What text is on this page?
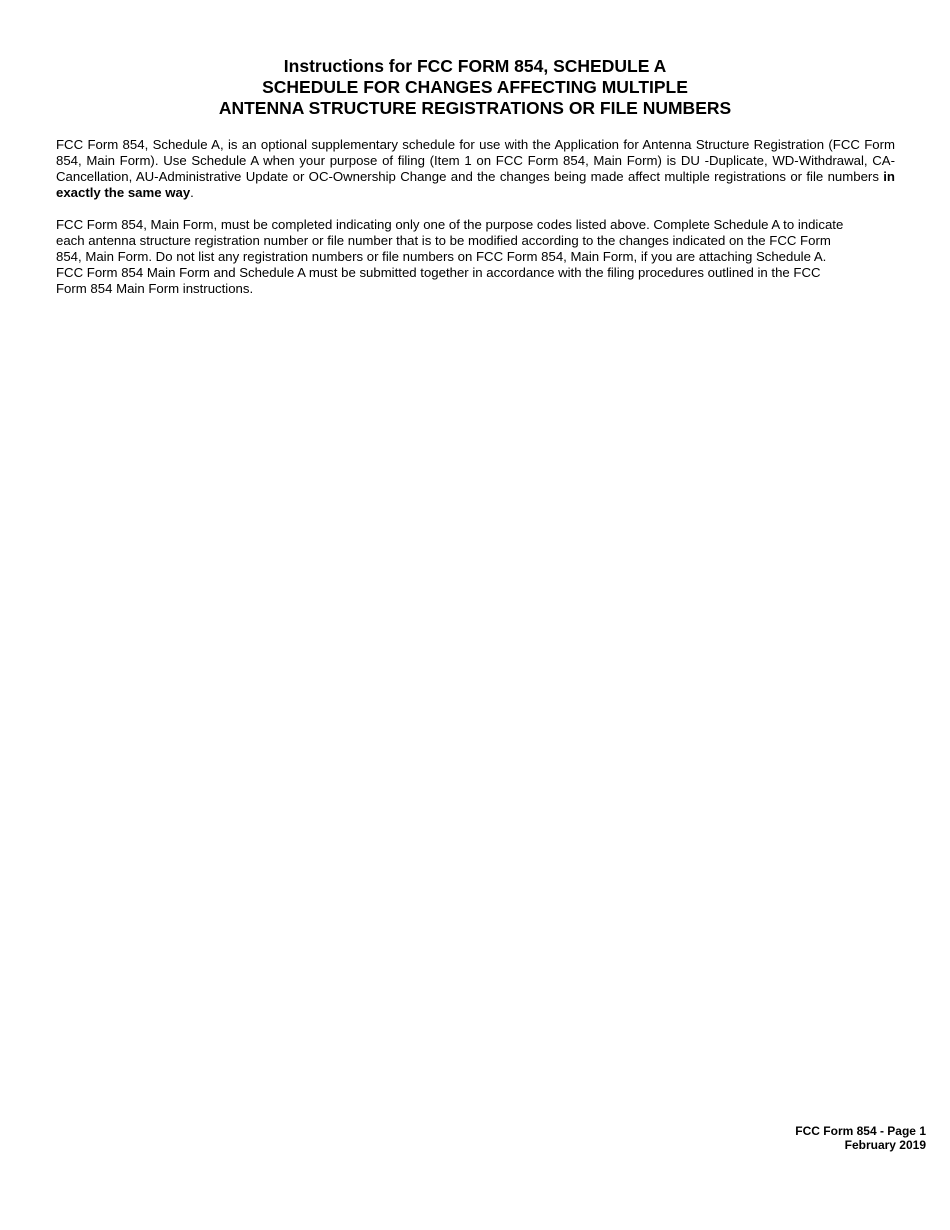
Instructions for FCC FORM 854, SCHEDULE A

SCHEDULE FOR CHANGES AFFECTING MULTIPLE

ANTENNA STRUCTURE REGISTRATIONS OR FILE NUMBERS

FCC Form 854, Schedule A, is an optional supplementary schedule for use with the Application for Antenna Structure Registration (FCC Form 854, Main Form). Use Schedule A when your purpose of filing (Item 1 on FCC Form 854, Main Form) is DU -Duplicate, WD-Withdrawal, CA-Cancellation, AU-Administrative Update or OC-Ownership Change and the changes being made affect multiple registrations or file numbers in exactly the same way.

FCC Form 854, Main Form, must be completed indicating only one of the purpose codes listed above. Complete Schedule A to indicate
each antenna structure registration number or file number that is to be modified according to the changes indicated on the FCC Form
854, Main Form. Do not list any registration numbers or file numbers on FCC Form 854, Main Form, if you are attaching Schedule A.
FCC Form 854 Main Form and Schedule A must be submitted together in accordance with the filing procedures outlined in the FCC
Form 854 Main Form instructions.

FCC Form 854 - Page 1
February 2019
